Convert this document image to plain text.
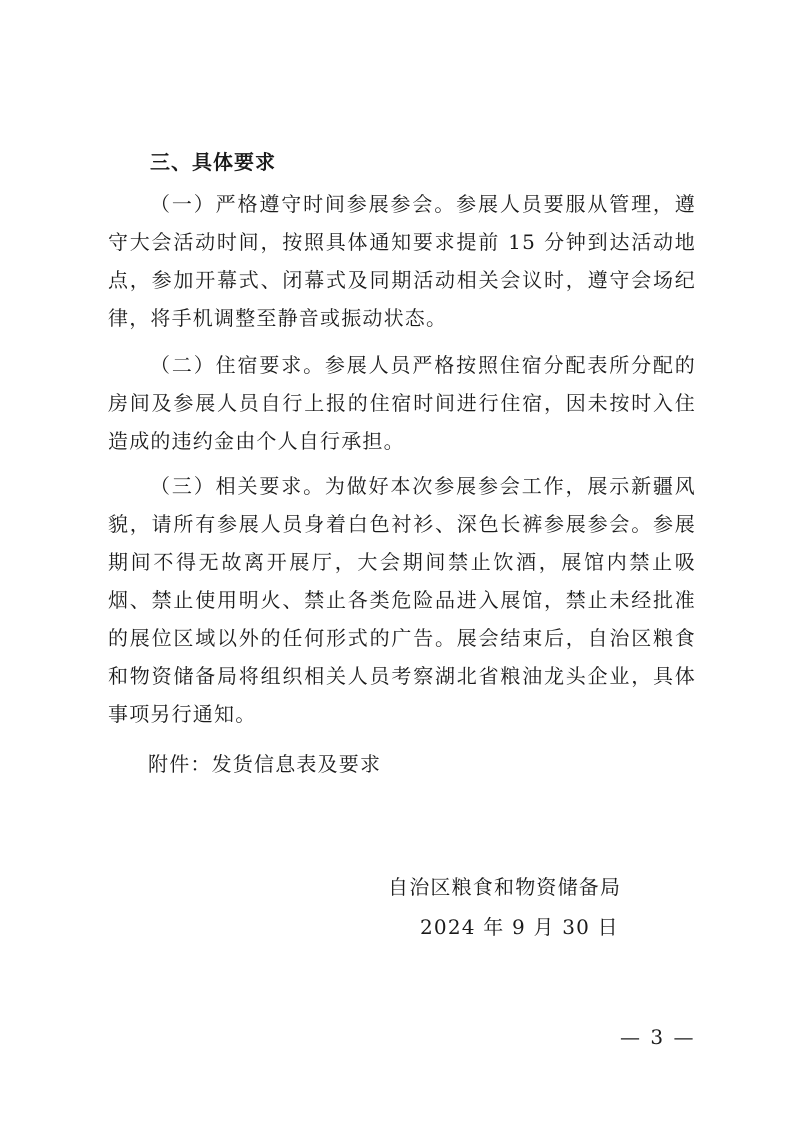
三、具体要求

（一）严格遵守时间参展参会。参展人员要服从管理，遵守大会活动时间，按照具体通知要求提前 15 分钟到达活动地点，参加开幕式、闭幕式及同期活动相关会议时，遵守会场纪律，将手机调整至静音或振动状态。

（二）住宿要求。参展人员严格按照住宿分配表所分配的房间及参展人员自行上报的住宿时间进行住宿，因未按时入住造成的违约金由个人自行承担。

（三）相关要求。为做好本次参展参会工作，展示新疆风貌，请所有参展人员身着白色衬衫、深色长裤参展参会。参展期间不得无故离开展厅，大会期间禁止饮酒，展馆内禁止吸烟、禁止使用明火、禁止各类危险品进入展馆，禁止未经批准的展位区域以外的任何形式的广告。展会结束后，自治区粮食和物资储备局将组织相关人员考察湖北省粮油龙头企业，具体事项另行通知。

附件：发货信息表及要求
自治区粮食和物资储备局
2024 年 9 月 30 日
— 3 —
